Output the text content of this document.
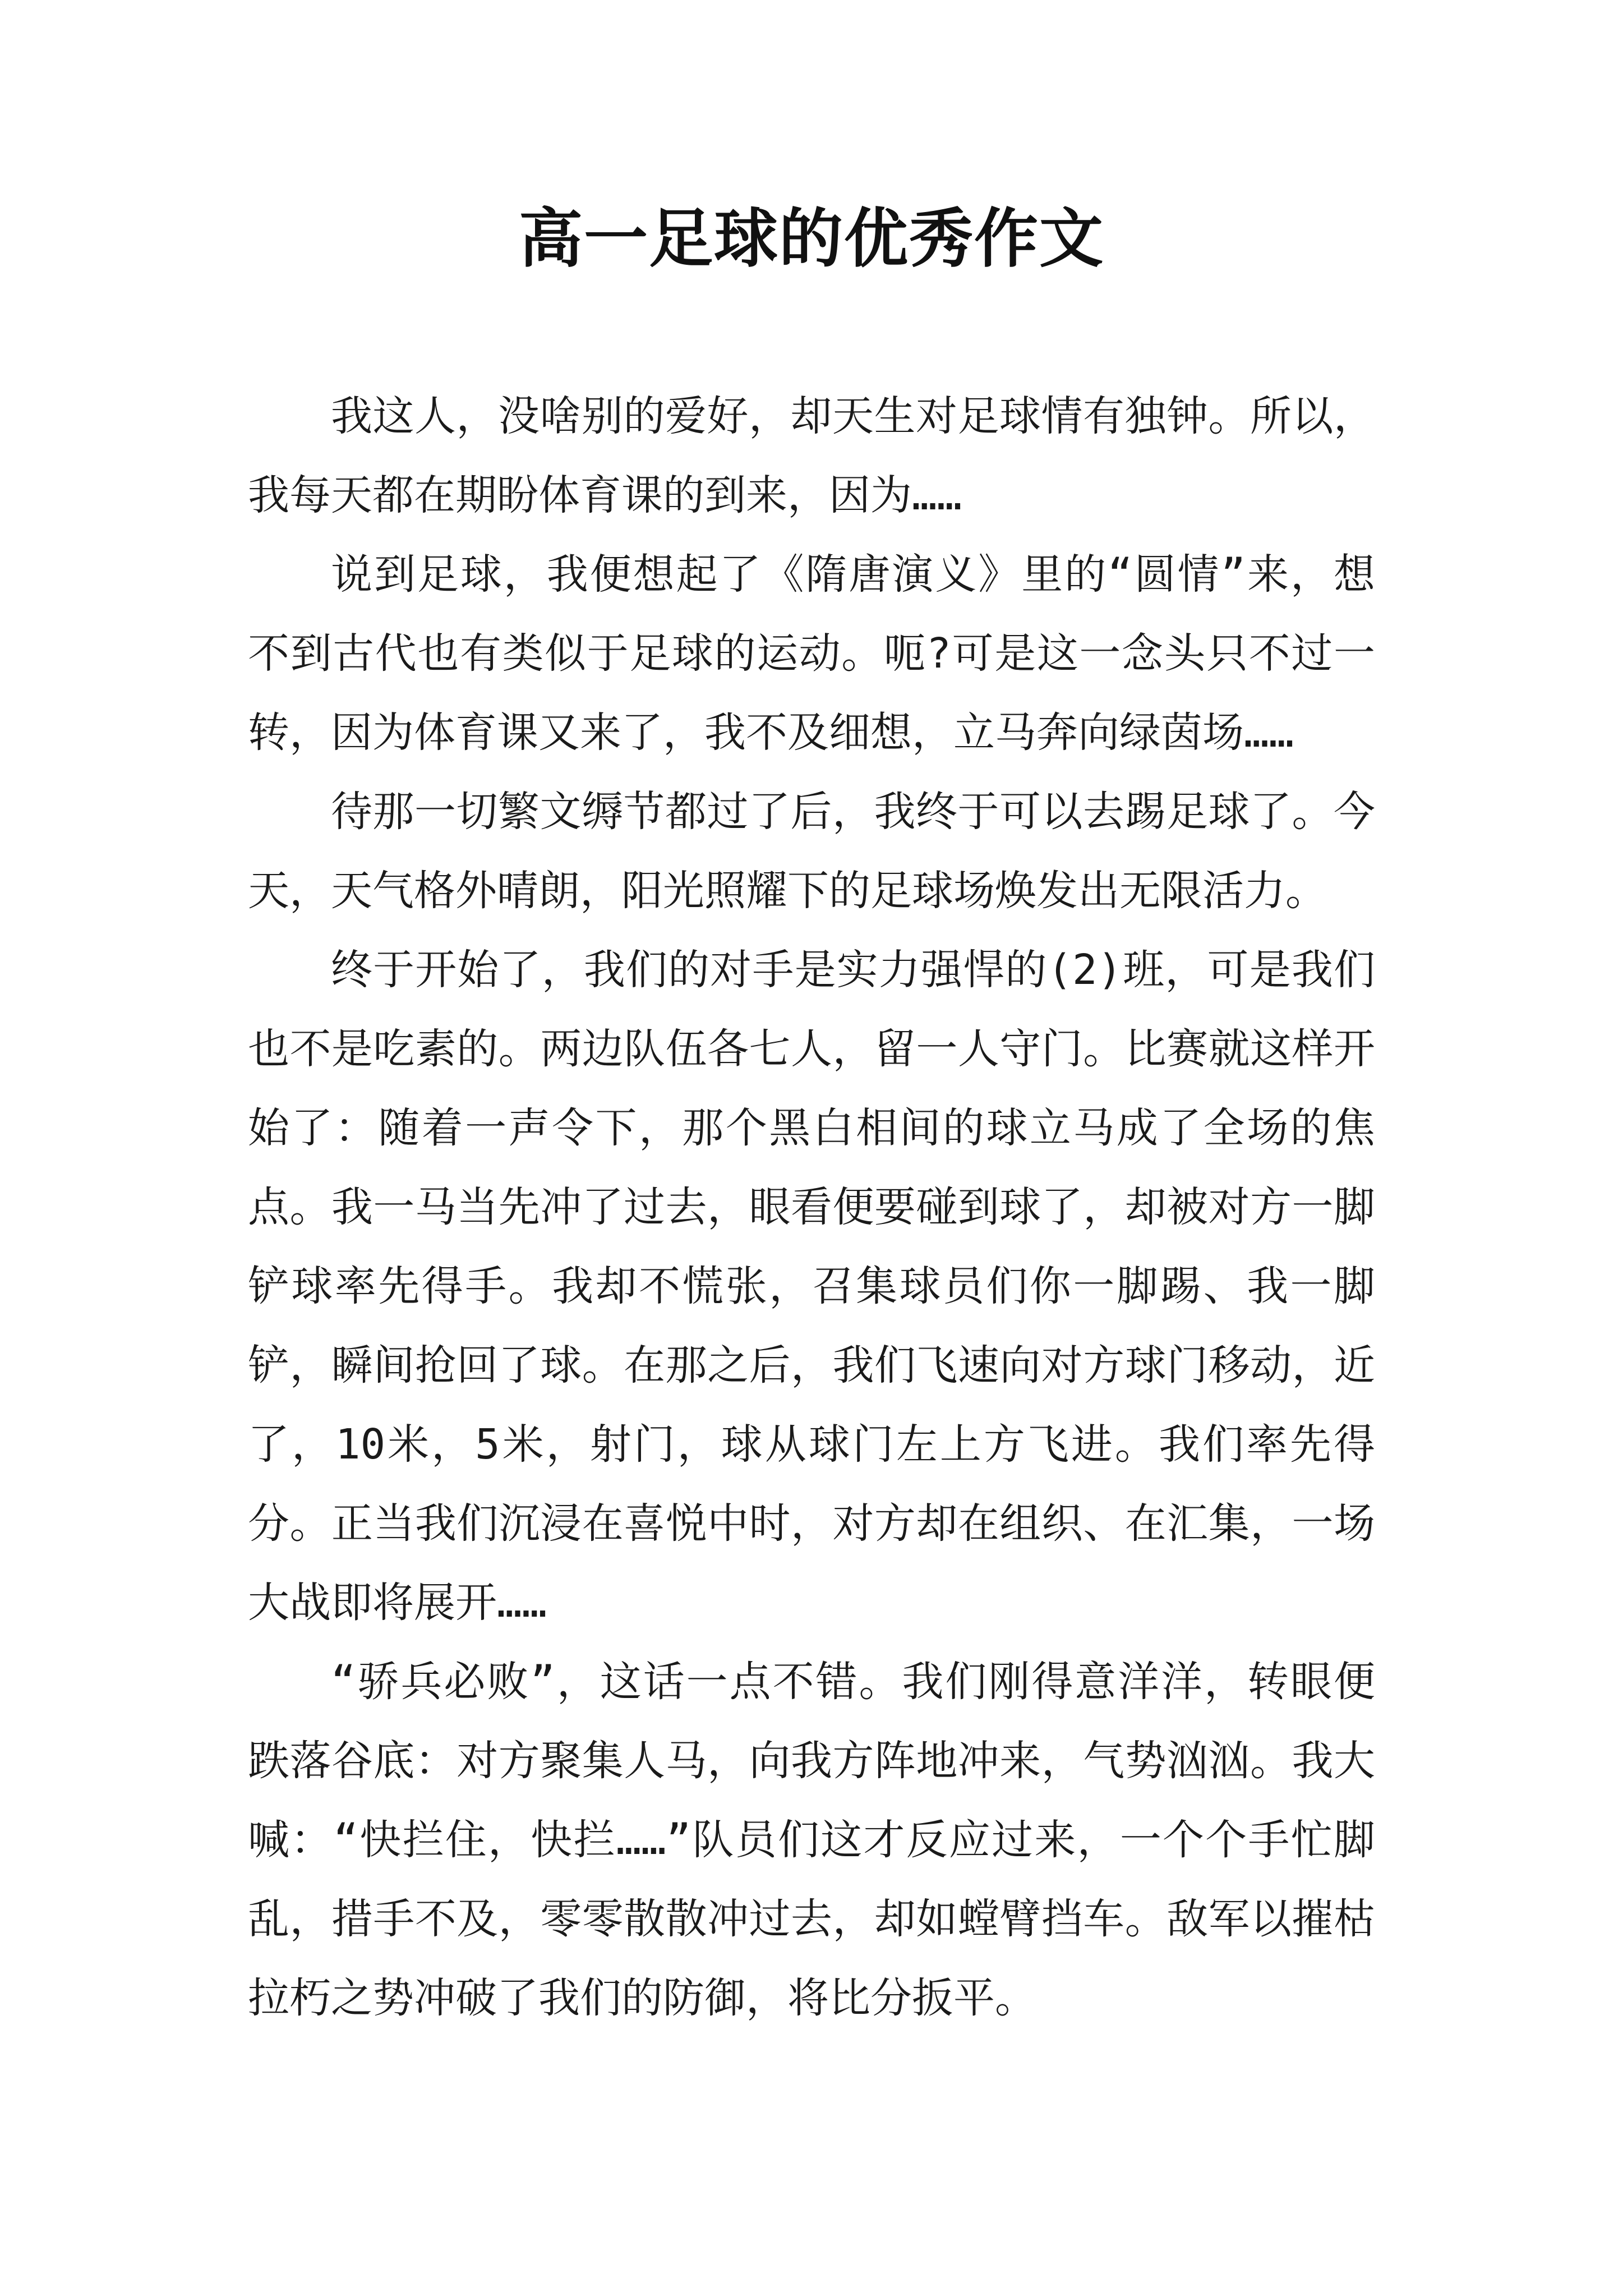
高一足球的优秀作文

我这人，没啥别的爱好，却天生对足球情有独钟。所以，我每天都在期盼体育课的到来，因为……

说到足球，我便想起了《隋唐演义》里的“圆情”来，想不到古代也有类似于足球的运动。呃?可是这一念头只不过一转，因为体育课又来了，我不及细想，立马奔向绿茵场……

待那一切繁文缛节都过了后，我终于可以去踢足球了。今天，天气格外晴朗，阳光照耀下的足球场焕发出无限活力。

终于开始了，我们的对手是实力强悍的(2)班，可是我们也不是吃素的。两边队伍各七人，留一人守门。比赛就这样开始了：随着一声令下，那个黑白相间的球立马成了全场的焦点。我一马当先冲了过去，眼看便要碰到球了，却被对方一脚铲球率先得手。我却不慌张，召集球员们你一脚踢、我一脚铲，瞬间抢回了球。在那之后，我们飞速向对方球门移动，近了，10米，5米，射门，球从球门左上方飞进。我们率先得分。正当我们沉浸在喜悦中时，对方却在组织、在汇集，一场大战即将展开……

“骄兵必败”，这话一点不错。我们刚得意洋洋，转眼便跌落谷底：对方聚集人马，向我方阵地冲来，气势汹汹。我大喊：“快拦住，快拦……”队员们这才反应过来，一个个手忙脚乱，措手不及，零零散散冲过去，却如螳臂挡车。敌军以摧枯拉朽之势冲破了我们的防御，将比分扳平。
